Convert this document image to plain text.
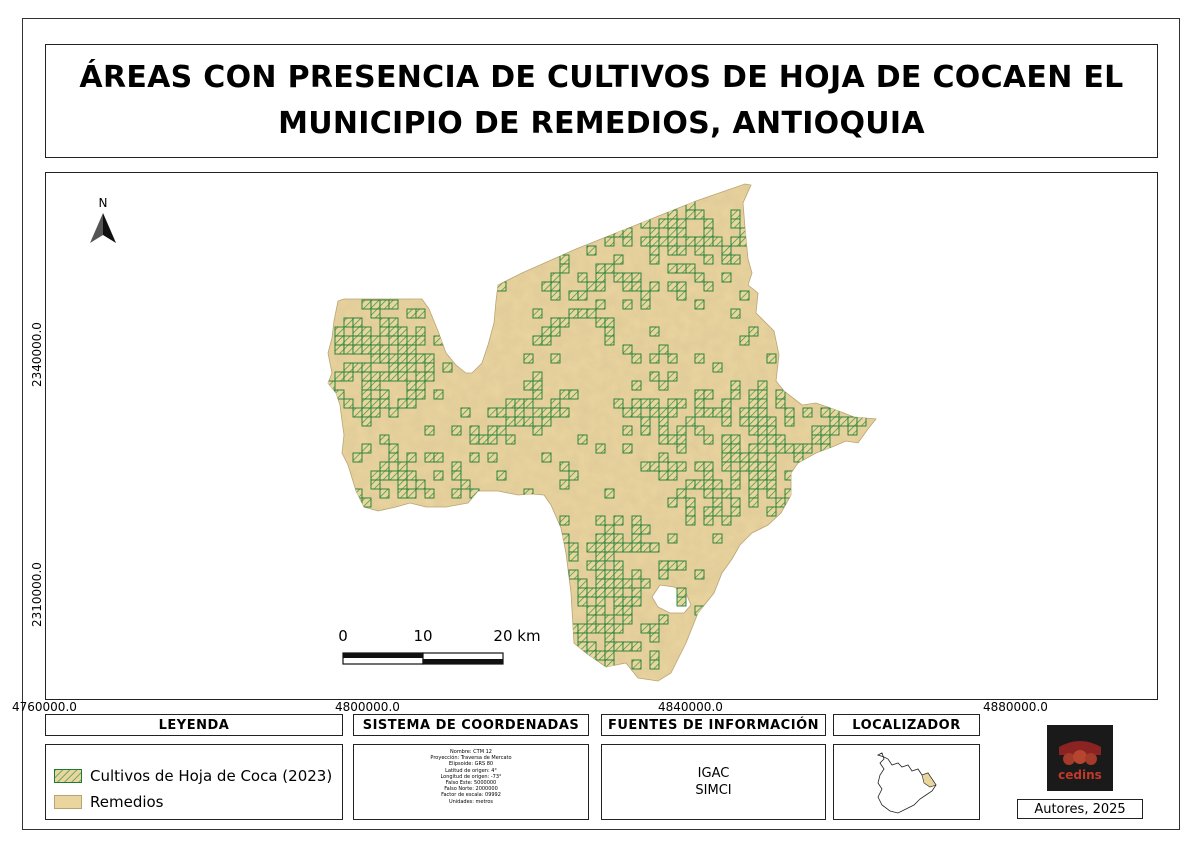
ÁREAS CON PRESENCIA DE CULTIVOS DE HOJA DE COCAEN EL
MUNICIPIO DE REMEDIOS, ANTIOQUIA
N
0	10	20 km
4760000.0	4800000.0	4840000.0	4880000.0
2340000.0
2310000.0
LEYENDA
Cultivos de Hoja de Coca (2023)
Remedios
SISTEMA DE COORDENADAS
Nombre: CTM 12
Proyección: Traversa de Mercato
Elipsoide: GRS 80
Latitud de origen: 4°
Longitud de origen: -73°
Falso Este: 5000000
Falso Norte: 2000000
Factor de escala: 09992
Unidades: metros
FUENTES DE INFORMACIÓN
IGAC
SIMCI
LOCALIZADOR
cedins
Autores, 2025
